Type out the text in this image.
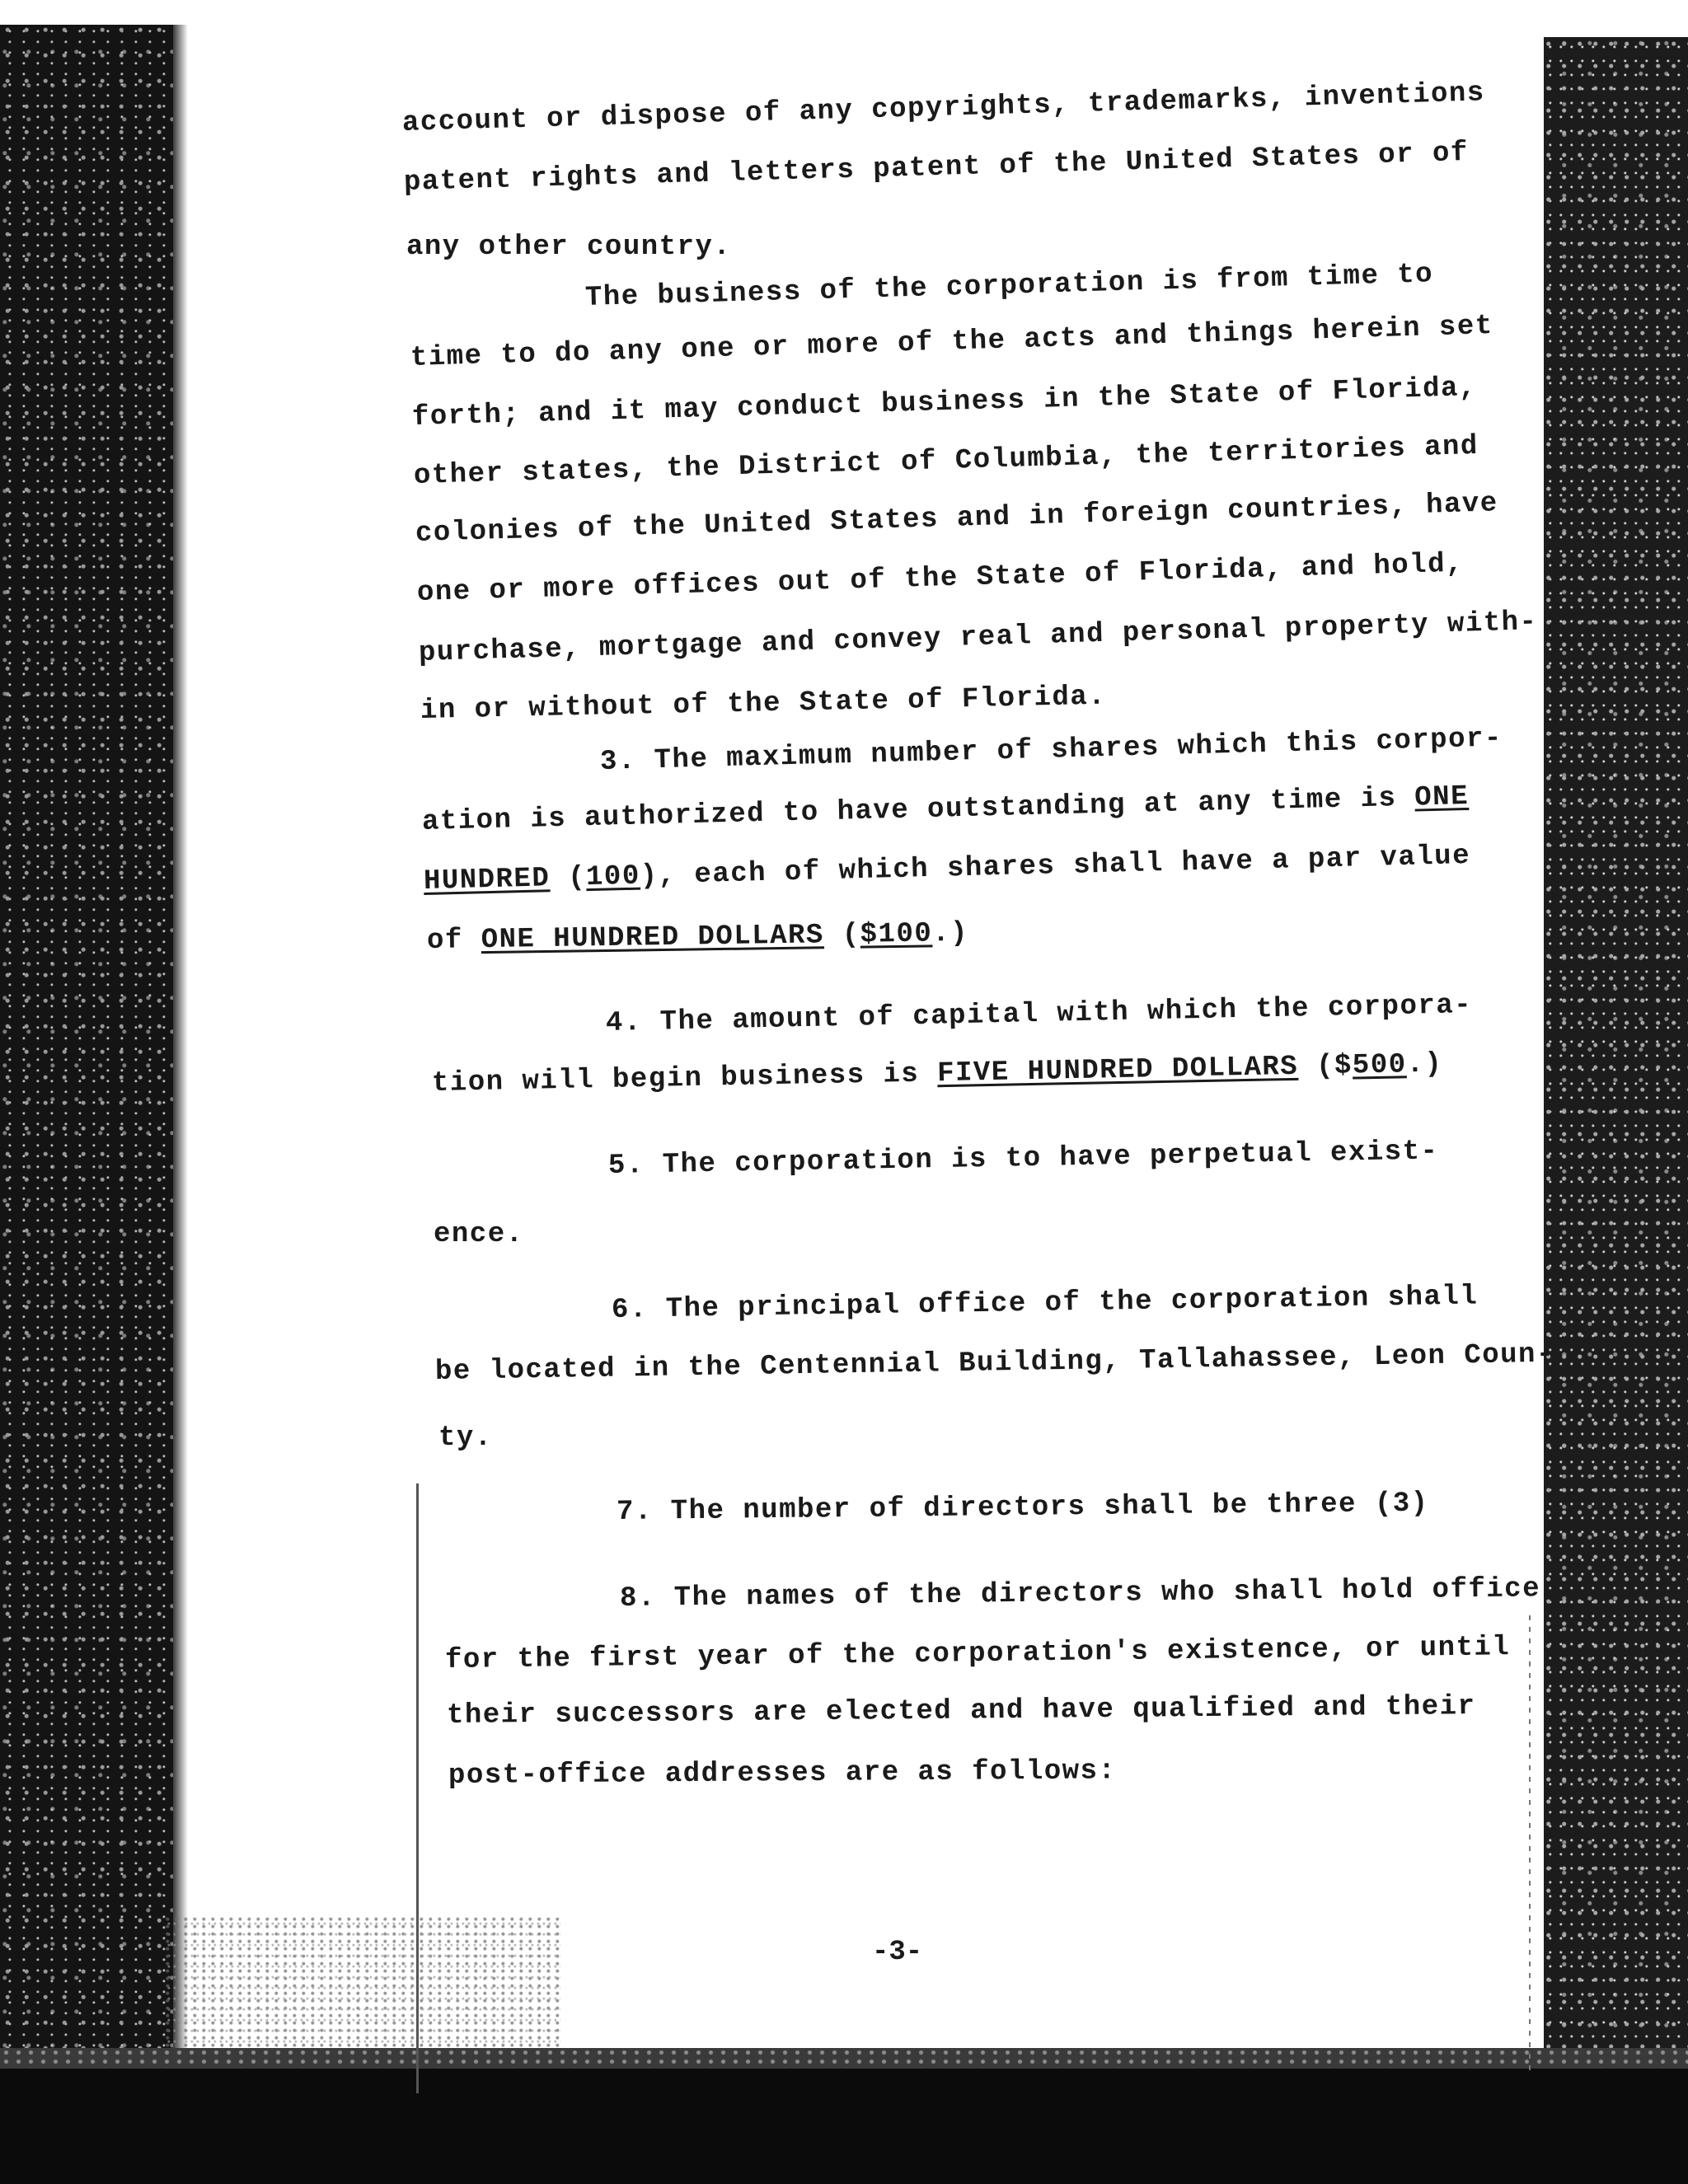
account or dispose of any copyrights, trademarks, inventions
patent rights and letters patent of the United States or of
any other country.
The business of the corporation is from time to
time to do any one or more of the acts and things herein set
forth; and it may conduct business in the State of Florida,
other states, the District of Columbia, the territories and
colonies of the United States and in foreign countries, have
one or more offices out of the State of Florida, and hold,
purchase, mortgage and convey real and personal property with-
in or without of the State of Florida.
3. The maximum number of shares which this corpor-
ation is authorized to have outstanding at any time is ONE
HUNDRED (100), each of which shares shall have a par value
of ONE HUNDRED DOLLARS ($100.)
4. The amount of capital with which the corpora-
tion will begin business is FIVE HUNDRED DOLLARS ($500.)
5. The corporation is to have perpetual exist-
ence.
6. The principal office of the corporation shall
be located in the Centennial Building, Tallahassee, Leon Coun-
ty.
7. The number of directors shall be three (3)
8. The names of the directors who shall hold office
for the first year of the corporation's existence, or until
their successors are elected and have qualified and their
post-office addresses are as follows:
-3-
